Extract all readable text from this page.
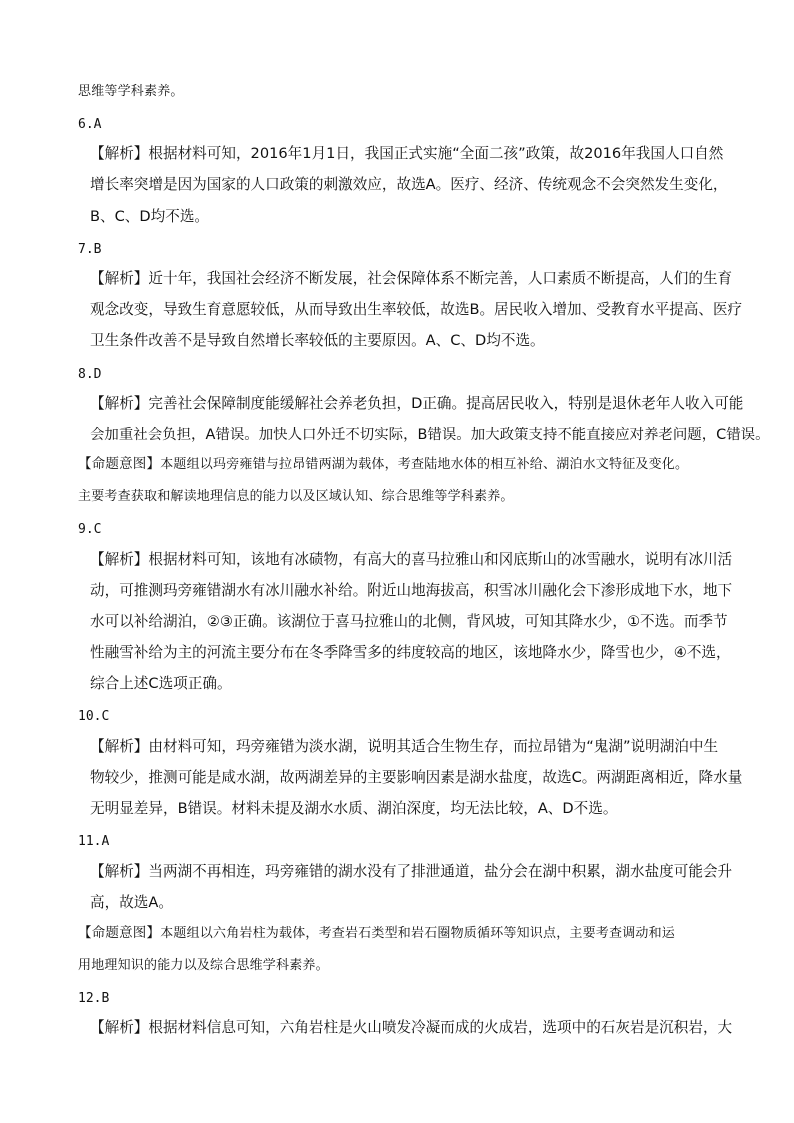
思维等学科素养。

6.A

【解析】根据材料可知，2016年1月1日，我国正式实施“全面二孩”政策，故2016年我国人口自然

增长率突增是因为国家的人口政策的刺激效应，故选A。医疗、经济、传统观念不会突然发生变化，

B、C、D均不选。

7.B

【解析】近十年，我国社会经济不断发展，社会保障体系不断完善，人口素质不断提高，人们的生育

观念改变，导致生育意愿较低，从而导致出生率较低，故选B。居民收入增加、受教育水平提高、医疗

卫生条件改善不是导致自然增长率较低的主要原因。A、C、D均不选。

8.D

【解析】完善社会保障制度能缓解社会养老负担，D正确。提高居民收入，特别是退休老年人收入可能

会加重社会负担，A错误。加快人口外迁不切实际，B错误。加大政策支持不能直接应对养老问题，C错误。

【命题意图】本题组以玛旁雍错与拉昂错两湖为载体，考查陆地水体的相互补给、湖泊水文特征及变化。

主要考查获取和解读地理信息的能力以及区域认知、综合思维等学科素养。

9.C

【解析】根据材料可知，该地有冰碛物，有高大的喜马拉雅山和冈底斯山的冰雪融水，说明有冰川活

动，可推测玛旁雍错湖水有冰川融水补给。附近山地海拔高，积雪冰川融化会下渗形成地下水，地下

水可以补给湖泊，②③正确。该湖位于喜马拉雅山的北侧，背风坡，可知其降水少，①不选。而季节

性融雪补给为主的河流主要分布在冬季降雪多的纬度较高的地区，该地降水少，降雪也少，④不选，

综合上述C选项正确。

10.C

【解析】由材料可知，玛旁雍错为淡水湖，说明其适合生物生存，而拉昂错为“鬼湖”说明湖泊中生

物较少，推测可能是咸水湖，故两湖差异的主要影响因素是湖水盐度，故选C。两湖距离相近，降水量

无明显差异，B错误。材料未提及湖水水质、湖泊深度，均无法比较，A、D不选。

11.A

【解析】当两湖不再相连，玛旁雍错的湖水没有了排泄通道，盐分会在湖中积累，湖水盐度可能会升

高，故选A。

【命题意图】本题组以六角岩柱为载体，考查岩石类型和岩石圈物质循环等知识点，主要考查调动和运

用地理知识的能力以及综合思维学科素养。

12.B

【解析】根据材料信息可知，六角岩柱是火山喷发冷凝而成的火成岩，选项中的石灰岩是沉积岩，大
